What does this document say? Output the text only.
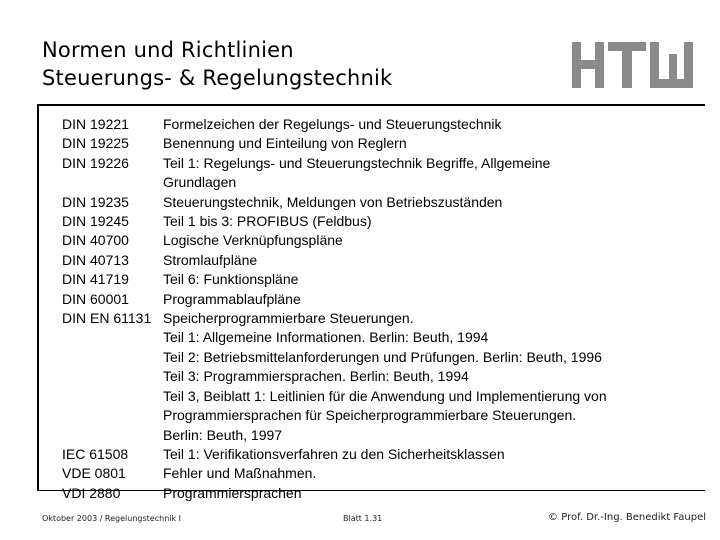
Normen und Richtlinien
Steuerungs- & Regelungstechnik
DIN 19221	Formelzeichen der Regelungs- und Steuerungstechnik
DIN 19225	Benennung und Einteilung von Reglern
DIN 19226	Teil 1: Regelungs- und Steuerungstechnik Begriffe, Allgemeine
Grundlagen
DIN 19235	Steuerungstechnik, Meldungen von Betriebszuständen
DIN 19245	Teil 1 bis 3: PROFIBUS (Feldbus)
DIN 40700	Logische Verknüpfungspläne
DIN 40713	Stromlaufpläne
DIN 41719	Teil 6: Funktionspläne
DIN 60001	Programmablaufpläne
DIN EN 61131 Speicherprogrammierbare Steuerungen.
Teil 1: Allgemeine Informationen. Berlin: Beuth, 1994
Teil 2: Betriebsmittelanforderungen und Prüfungen. Berlin: Beuth, 1996
Teil 3: Programmiersprachen. Berlin: Beuth, 1994
Teil 3, Beiblatt 1: Leitlinien für die Anwendung und Implementierung von
Programmiersprachen für Speicherprogrammierbare Steuerungen.
Berlin: Beuth, 1997
IEC 61508	Teil 1: Verifikationsverfahren zu den Sicherheitsklassen
VDE 0801	Fehler und Maßnahmen.
VDI 2880	Programmiersprachen
Oktober 2003 / Regelungstechnik I	Blatt 1.31	© Prof. Dr.-Ing. Benedikt Faupel
